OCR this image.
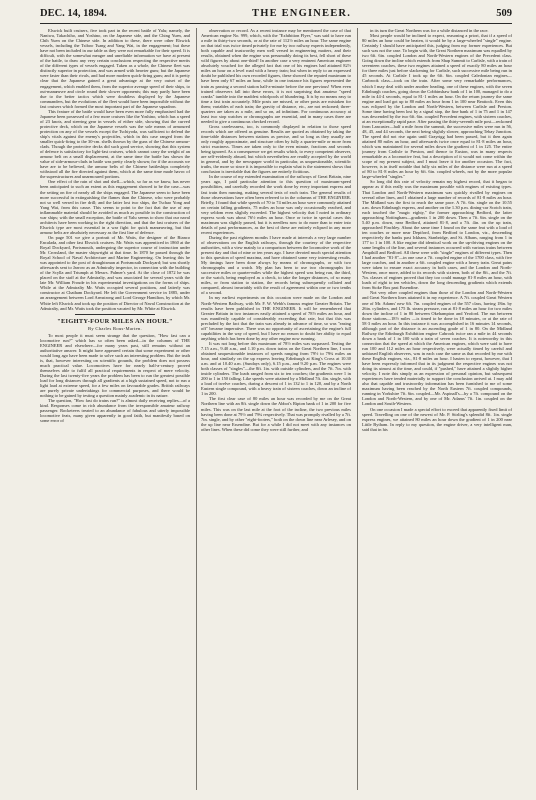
DEC. 14, 1894.	THE ENGINEER.	509

Elswick built cruisers, five took part in the recent battle of Yalu; namely, the Naniwa, Takachiho, and Yoshino, on the Japanese side, and the Ching Yuen, and Chih Yuen on the Chinese side. In addition to these, there were other Elswick vessels, including the Tsiboo Tsang and Yang Wai, in the engagement; but these have not been included in our table as they were not remarkable for their speed. It is difficult, with the somewhat meagre and unreliable information we have at present of the battle, to draw any very certain conclusions respecting the respective merits of the different types of vessels engaged. Taken as a whole, the Chinese fleet was distinctly superior in protection, and was armed with heavier guns; but the Japanese were faster than their rivals, and had more modern quick-firing guns; and it is pretty clear that the Japanese gained a great advantage at the very outset of the engagement, which enabled them, from the superior average speed of their ships, to out-manœuvre and circle round their slower opponents; this may partly have been due to the better tactics which were doubtless displayed by the Japanese commanders, but the evolutions of the fleet would have been impossible without the fast cruisers which formed the most important part of the Japanese squadron.

This feature of the battle would have been even more fully emphasised had the Japanese been possessed of a few more cruisers like the Yoshino, which has a speed of 23 knots, and steering gear in vessels of either side, showing that the curved protective deck, which on the Japanese vessels was the sole means of armoured protection on any of the vessels except the Tschiyoda, was sufficient to defend the ship's vitals against the enemy's projectiles, which in this case ranged from the smaller quick-firing to the 30-cm. shells thrown by the guns of the Chinese armour-clads. Though the protective decks did such good service, showing that this system of defence is satisfactory for light-fast cruisers, which cannot carry the weight of an armour belt on a small displacement, at the same time the battle has shown the value of side-armour-clads in battle was pretty clearly shown; for if the accounts we have are to be believed, the armour belts of the Chinese battleships completely withstood all the fire directed against them, which at the same time made havoc of the superstructures and unarmoured portions.

One effect of the rain of shot and shell—which, so far as we know, has never been anticipated to such an extent as this engagement showed to be the case—was the setting on fire of nearly all the ships engaged. The Japanese seem to have been more successful in extinguishing the flames than the Chinese, who were probably not so well versed in fire drill; and the latter lost two ships, the Tschao Yong and Yang Wai, from this cause. This seems to point to the fact that the use of any inflammable material should be avoided as much as possible in the construction of war ships; with the small exception, the battle of Yalu seems to show that our naval architects have been working in the right direction, and that the fast cruisers of the Elswick type are most essential in a war fight for quick manœuvring, but that armour belts are absolutely necessary as the first line of defence.

On page 501 we give a portrait of Mr. Watts, the designer of the Bianco Encalada, and other fast Elswick cruisers. Mr. Watts was apprenticed in 1860 at the Royal Dockyard, Portsmouth, undergoing the superior course of instruction under Mr. Crossland, the master shipwright at that time. In 1870 he passed through the Royal School of Naval Architecture and Marine Engineering. On leaving this he was appointed to the post of draughtsman at Portsmouth Dockyard; but was shortly afterwards sent to Jarrow as an Admiralty inspector, in connection with the building of the Scylla and Triumph at Messrs. Palmer's yard. At the close of 1872 he was placed on the staff at the Admiralty, and was associated for several years with the late Mr. William Froude in his experimental investigations on the forms of ships. While at the Admiralty Mr. Watts occupied several positions, and latterly was constructor at Chatham Dockyard. He left the Government service in 1885, under an arrangement between Lord Armstrong and Lord George Hamilton, by which Mr. White left Elswick and took up the position of Director of Naval Construction at the Admiralty, and Mr. Watts took the position vacated by Mr. White at Elswick.

"EIGHTY-FOUR MILES AN HOUR."
By Charles Rous-Marten.

To most people it must seem strange that the question, "How fast can a locomotive run?" which has so often been asked—in the columns of THE ENGINEER and elsewhere—for many years past, still remains without an authoritative answer. It might have appeared certain that some experiment or other would long ago have been made to solve such an interesting problem. But the truth is, that, however interesting on scientific grounds, the problem does not possess much practical value. Locomotives have for nearly half-a-century proved themselves able to fulfil all practical requirements in respect of mere velocity. During the last twenty-five years the problem has been to run the greatest possible load for long distances through all gradients at a high sustained speed, not to run a light load at extreme speed, for a few miles on favourable grades. British railways are purely private undertakings for commercial purposes, and there would be nothing to be gained by testing a question mainly academic in its nature.

The question, "How fast do trains run?" is almost daily receiving replies—of a kind. Responses come in rich abundance from the irresponsible amateur railway passenger. Rocketeers treated to an abundance of fabulous and utterly impossible locomotive feats, many given apparently in good faith, but manifestly based on some error of

observation or record. As a recent instance may be mentioned the case of that American engine No. 999, which, with the "Exhibition Flyer," was said to have run a mile in thirty-two seconds, or at the rate of 112½ miles an hour. The same engine on that trial was twice timed privately for me by two railway experts independently, both capable and trustworthy men well versed in engineering matters, and their results, obtained when the engine was presumably doing its best, fell short of these wild figures by about one-third! In another case a very eminent American engineer absolutely vouched for the alleged fact that one of his engines had attained 82½ miles an hour on a level road with a heavy train; but when in reply to an expressed doubt he published his own recorded figures, these showed the reputed maximum to have been only 67 miles an hour, while in one instance his figures represented the train as passing a second station half-a-minute before the one previous! When even trained observers fall into these errors, it is not surprising that amateur "speed cranks" tumble into the maddest whirlpools of blundering. It is by no means easy to time a fast train accurately. Mile posts are missed, or other posts are mistaken for them; variables of each train; the gravity of distance, etc., are not reckoned; three-quarters are taken as a mile, and so on, ad infinitum. For continuous accuracy at least two stop watches or chronographs are essential, and in many cases three are needed to give a continuous checked record.

Gross carelessness, too, is commonly displayed in relation to those speed records which are offered as genuine. Results are quoted as obtained by taking the time-table distances between stations as precise, and so long as they usually are only roughly approximate, and structure often by fully a quarter-mile or more from strict exactness. Times are taken only to the even minute, fractions and seconds being ignored. As a consequence we get results which, to every competent observer, are self-evidently absurd, but which nevertheless are readily accepted by the world in general, and by the newspaper world in particular, as unquestionable, scientific truths, the more so since it is impossible to explain what is the statement shows that conclusion is inevitable that the figures are entirely fictitious.

In the course of my extended examination of the railways of Great Britain, nine years ago, I paid particular attention to this question of maximum-speed possibilities, and carefully recorded the work done by every important express and fast train then running, making several tests of each train. The general results of those observations have often been referred to in the columns of THE ENGINEER. Briefly, I found that while speeds of 70 to 74 miles an hour were commonly attained on certain falling gradients, 75 miles an hour was only occasionally reached, and very seldom even slightly exceeded. The highest velocity that I noted in ordinary express work was about 76½ miles an hour. Once or twice in special cases this maximum was slightly passed, but it is needless now to do more than to enter into details of past performances, as the best of these are entirely eclipsed in any more recent experiences.

During the past eighteen months I have made at intervals a very large number of observations on the English railways, through the courtesy of the respective authorities, with a view mainly to a comparison between the locomotive work of the present day and that of nine or ten years ago. I have devoted much special attention to this question of speed maxima, and have obtained some very interesting results. My timings have been done always by means of chronographs, or with two chronographs and a watch. My plan has been to use two chronographs for successive miles or quarter-miles while the highest speed was being run, the third, or the watch, being employed as a check, to take the longer distances, of so many miles, or from station to station, the records being subsequently collated and compared, almost invariably with the result of agreement within one or two tenths of a second.

In my earliest experiments on this occasion were made on the London and North-Western Railway, with Mr. F. W. Webb's famous engine Greater Britain. The results have been published in THE ENGINEER. It will be remembered that Greater Britain in two instances easily attained a speed of 78½ miles an hour, and was manifestly capable of considerably exceeding that rate, but that this was precluded by the fact that the train was already in advance of time, so was "easing off" became imperative. There was no opportunity of ascertaining the engine's full capabilities in the way of speed, but I have no reason to doubt her ability to equal anything which has been done by any other engine now running.

It was not long before this maximum of 78½ miles was surpassed. Testing the 7.15 a.m., 9.40 a.m., and 1.10 p.m. down trains on the Great Northern line, I soon obtained unquestionable instances of speeds ranging from 79½ to 79¾ miles an hour, and similarly on the up express leaving Edinburgh at King's Cross at 10.30 a.m. and at 10.40 a.m. (Sundays only), 6.15 p.m., and 9.20 p.m. The engines were both classes of "singles"—the 8ft. 1in. with outside cylinders, and the 7ft. 7in. with inside cylinders. The loads ranged from six to ten coaches; the gradients were 1 in 200 to 1 in 150 falling. Like speeds were attained by a Midland 7ft. 4in. single, with a load of twelve coaches, during a descent of 1 in 132 to 1 in 120, and by a North Eastern single compound, with a heavy train of sixteen coaches, down an incline of 1 in 200.

The first clear case of 80 miles an hour was recorded by me on the Great Northern line with an 8ft. single down the Abbot's Ripton bank of 1 in 200 for five miles. This was on the last mile at the foot of the incline, the two previous miles having been done at 79½ and 79¾ respectively. That was promptly rivalled by a 7ft. 7in. single, and by other "eight-footers," both on the down line near Arlesey, and on the up line near Essendine. But for a while I did not meet with any instances on other lines. When these did come they were still further, and

in its turn the Great Northern was for a while distanced in the race.

Most people would be inclined to expect, reasoning a priori, that if a speed of 80 miles an hour could be beaten, it would be by a large-wheeled "single" engine. Certainly I should have anticipated this, judging from my former experiences. But such was not the case. To begin with, the Great Northern maximum was equalled by two 6ft. 6in. coupled London and North-Western engines of the Precedent class. Going down the incline which extends from Shap Summit to Carlisle, with a train of seventeen coaches, these two engines attained a speed of exactly 80 miles an hour for three miles just before slackening for Carlisle, such successive mile being run in 45 seconds. At Carlisle I took up the 6ft. 6in. coupled Caledonian engines—Carbrook class—took on the train. After some very remarkable performances, which I may deal with under another heading, one of these engines, with the seven Edinburgh coaches, going down the Cobbinshaw bank of 1 in 100, managed to do a mile in 44·4 seconds, equal to 81·1 miles an hour. On the return journey the same engine and load got up to 80 miles an hour from 1 in 100 near Beattock. Even this was eclipsed by the London and North-Western, between Carlisle and Preston. Some time having been lost by a signal stop, the fine bank of 1 in 75 and 1 in 147 was descended by the two 6ft. 6in. coupled Precedent engines, with sixteen coaches, at an exceptionally rapid pace. After passing the thirty-seventh mile post—reckoned from Lancaster—half a mile from the summit, the successive miles were run in 56, 48, 45, and 44 seconds, the next being slightly slower, approaching Tebay Junction. The speed did not rise again until Grayrigg had been passed, but it then again attained 80 miles an hour, and afterwards twice once equal to 81·8 miles an hour, which was maintained for several miles down the gradient of 1 in 125. The entire journey from Carlisle to Preston, and thence to Euston, was in many respects remarkable as a locomotive feat, but a description of it would not come within the scope of my present subject, and I must leave it for another occasion. The fact, however, is in itself notable that fully six miles of the distance were run at a speed of 80 to 81·8 miles an hour by 6ft. 6in. coupled wheels, not by the more popular large-wheeled "singles."

So long did this rate of velocity remain my highest record, that it began to appear as if this really was the maximum possible with engines of existing types. That London and North-Western maximum was quickly rivalled by engines on several other lines, and I obtained a large number of records of 81·8 miles an hour. The Midland was the first to reach the same pace. A 7ft. 6in. single on the 10.55 a.m. down Edinburgh express, and another on the 1.30 p.m. dining-car Scotch train, each touched the "magic eighty," the former approaching Bedford, the latter approaching Nottingham—gradients 1 in 200 down. Then a 7ft. 6in. single on the 5.40 p.m. down, near Bedford, attained 81·8, and a 7ft. 4in. on the up train, approached Finchley. About the same time I found on the same feat with a load of ten coaches or more near Deptford, from Bedford to London, viz., descending respectively the banks past Ickham, Stanbridge, and St. Albans, ranging from 1 in 177 to 1 in 100. A like engine did identical work on the up-driving engines on the same lengths of the line, and several instances occurred with various trains between Ampthill and Bedford. All these were with "single" engines of different types. Then I had another "81·8"—in one case a 7ft. coupled engine of the 1700 class, with five large coaches, and in another a 6ft. coupled engine with a heavy train. Great pains were taken to ensure exact accuracy in both cases, and the London and North-Western, once more, added to its records with sixteen, both of the 8ft., and the 7ft. 7in. classes of engines proved that they too could manage 81·8 miles an hour, with loads of eight to ten vehicles, down the long descending gradients which extends from Stoke Box past Essendine.

Not very other coupled engines than those of the London and North-Western and Great Northern lines attained it in my experience. A 7ft. coupled Great Western one of Mr. Adams' new 6ft. 7in. coupled engines of the 557 class, having 18in. by 26in. cylinders, and 175 lb. steam pressure, ran at 81·8 miles an hour for two miles down the incline of 1 in 80 between Okehampton and Yeoford. The run between those stations—18½ miles —is timed to be done in 18 minutes, or at the rate of 58·3 miles an hour. In this instance it was accomplished in 16 minutes 14 seconds, although part of the distance is an ascending grade of 1 in 80. On the Midland Railway the Edinburgh Exhibition engine Cabrook twice ran a mile in 44 seconds down a bank of 1 in 100 with a train of seven coaches. It is noteworthy in this connection that the speed at which the American engines, which were said to have run 100 and 112 miles an hour respectively, were actually timed by careful and unbiased English observers, was in each case the same as that recorded by me with these English engines, viz., 81·8 miles an hour. I hasten to repeat, however, that I have been expressly informed that in its judgment the respective engines was not doing its utmost at the time, and could, if "pushed," have attained a slightly higher velocity. I note this simply as an expression of personal opinion, but subsequent experiences have tended materially to support the conclusion arrived at. I may add also that capable and trustworthy information has been furnished to me of some maximum having been reached by the North Eastern 7ft. coupled compounds, running in Yorkshire 7ft. 6in. coupled—Mr. Aspinall's—by a 7ft. compound on the London and North-Western, and by one of Mr. Adams' 7ft. 1in. coupled on the London and South-Western.

On one occasion I made a special effort to exceed that apparently fixed limit of speed. Travelling on one of the newest of Mr. P. Stirling's splendid 8ft. 1in. single express engines, we attained 80 miles an hour down the gradient of 1 in 200 near Little Bytham. In reply to my question, the engine driver, a very intelligent man, said that in his
